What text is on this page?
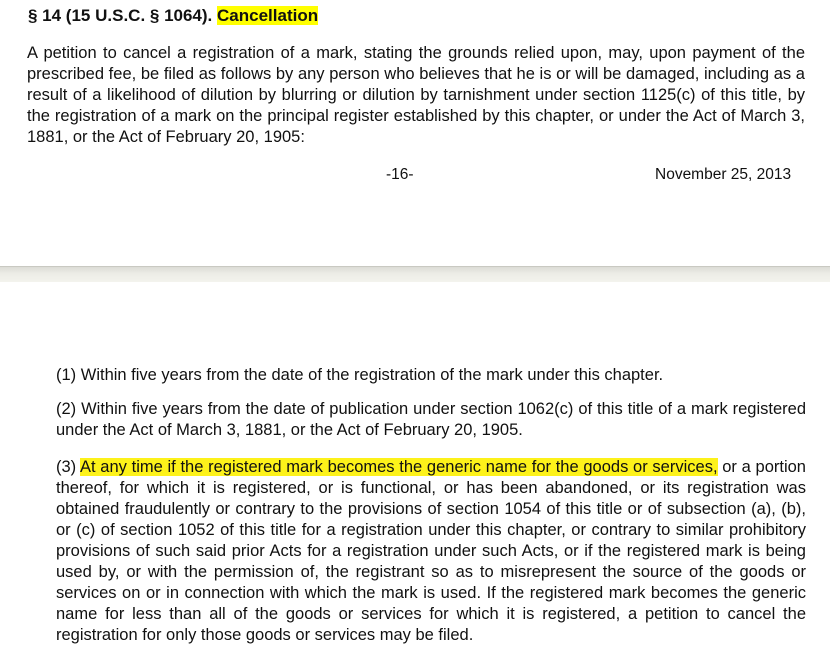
§ 14 (15 U.S.C. § 1064). Cancellation

A petition to cancel a registration of a mark, stating the grounds relied upon, may, upon payment of the prescribed fee, be filed as follows by any person who believes that he is or will be damaged, including as a result of a likelihood of dilution by blurring or dilution by tarnishment under section 1125(c) of this title, by the registration of a mark on the principal register established by this chapter, or under the Act of March 3, 1881, or the Act of February 20, 1905:

-16-	November 25, 2013

(1) Within five years from the date of the registration of the mark under this chapter.

(2) Within five years from the date of publication under section 1062(c) of this title of a mark registered under the Act of March 3, 1881, or the Act of February 20, 1905.

(3) At any time if the registered mark becomes the generic name for the goods or services, or a portion thereof, for which it is registered, or is functional, or has been abandoned, or its registration was obtained fraudulently or contrary to the provisions of section 1054 of this title or of subsection (a), (b), or (c) of section 1052 of this title for a registration under this chapter, or contrary to similar prohibitory provisions of such said prior Acts for a registration under such Acts, or if the registered mark is being used by, or with the permission of, the registrant so as to misrepresent the source of the goods or services on or in connection with which the mark is used. If the registered mark becomes the generic name for less than all of the goods or services for which it is registered, a petition to cancel the registration for only those goods or services may be filed.
